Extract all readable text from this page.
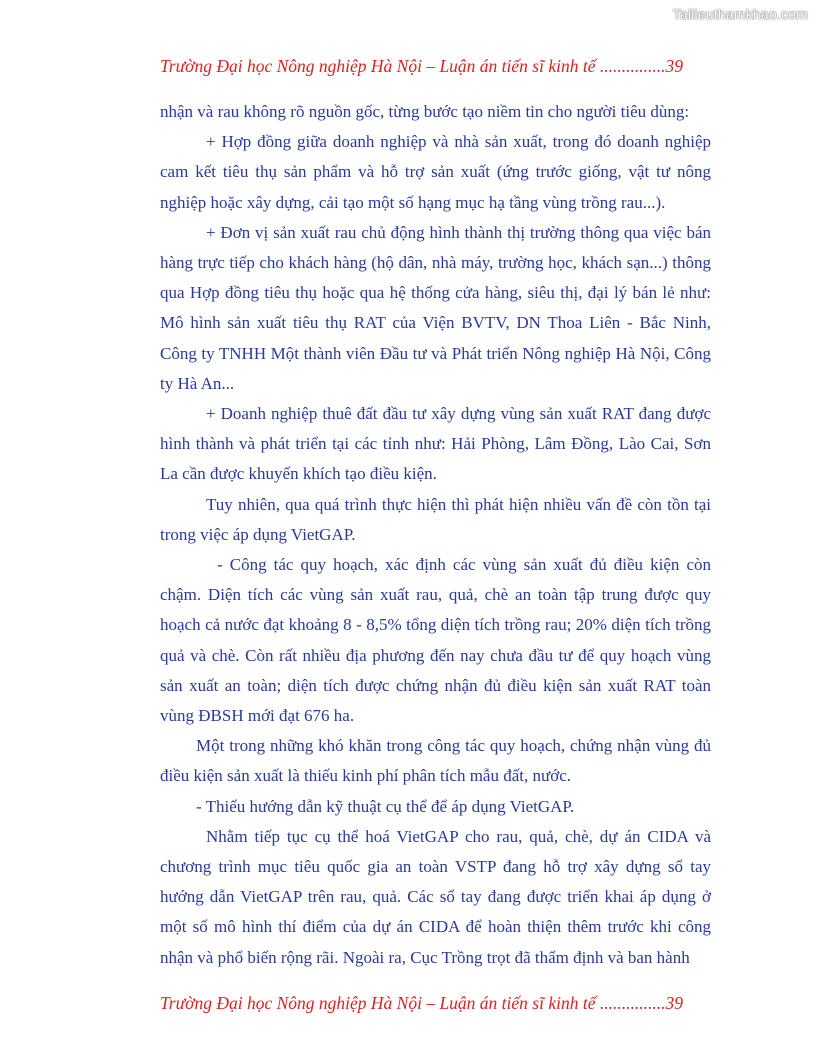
Tailieuthamkhao.com
Trường Đại học Nông nghiệp Hà Nội – Luận án tiến sĩ kinh tế ...............39

nhận và rau không rõ nguồn gốc, từng bước tạo niềm tin cho người tiêu dùng:

+ Hợp đồng giữa doanh nghiệp và nhà sản xuất, trong đó doanh nghiệp cam kết tiêu thụ sản phẩm và hỗ trợ sản xuất (ứng trước giống, vật tư nông nghiệp hoặc xây dựng, cải tạo một số hạng mục hạ tầng vùng trồng rau...).

+ Đơn vị sản xuất rau chủ động hình thành thị trường thông qua việc bán hàng trực tiếp cho khách hàng (hộ dân, nhà máy, trường học, khách sạn...) thông qua Hợp đồng tiêu thụ hoặc qua hệ thống cửa hàng, siêu thị, đại lý bán lẻ như: Mô hình sản xuất tiêu thụ RAT của Viện BVTV, DN Thoa Liên - Bắc Ninh, Công ty TNHH Một thành viên Đầu tư và Phát triển Nông nghiệp Hà Nội, Công ty Hà An...

+ Doanh nghiệp thuê đất đầu tư xây dựng vùng sản xuất RAT đang được hình thành và phát triển tại các tỉnh như: Hải Phòng, Lâm Đồng, Lào Cai, Sơn La cần được khuyến khích tạo điều kiện.

Tuy nhiên, qua quá trình thực hiện thì phát hiện nhiều vấn đề còn tồn tại trong việc áp dụng VietGAP.

- Công tác quy hoạch, xác định các vùng sản xuất đủ điều kiện còn chậm. Diện tích các vùng sản xuất rau, quả, chè an toàn tập trung được quy hoạch cả nước đạt khoảng 8 - 8,5% tổng diện tích trồng rau; 20% diện tích trồng quả và chè. Còn rất nhiều địa phương đến nay chưa đầu tư để quy hoạch vùng sản xuất an toàn; diện tích được chứng nhận đủ điều kiện sản xuất RAT toàn vùng ĐBSH mới đạt 676 ha.

Một trong những khó khăn trong công tác quy hoạch, chứng nhận vùng đủ điều kiện sản xuất là thiếu kinh phí phân tích mẫu đất, nước.

- Thiếu hướng dẫn kỹ thuật cụ thể để áp dụng VietGAP.

Nhằm tiếp tục cụ thể hoá VietGAP cho rau, quả, chè, dự án CIDA và chương trình mục tiêu quốc gia an toàn VSTP đang hỗ trợ xây dựng sổ tay hướng dẫn VietGAP trên rau, quả. Các sổ tay đang được triển khai áp dụng ở một số mô hình thí điểm của dự án CIDA để hoàn thiện thêm trước khi công nhận và phổ biến rộng rãi. Ngoài ra, Cục Trồng trọt đã thẩm định và ban hành

Trường Đại học Nông nghiệp Hà Nội – Luận án tiến sĩ kinh tế ...............39
